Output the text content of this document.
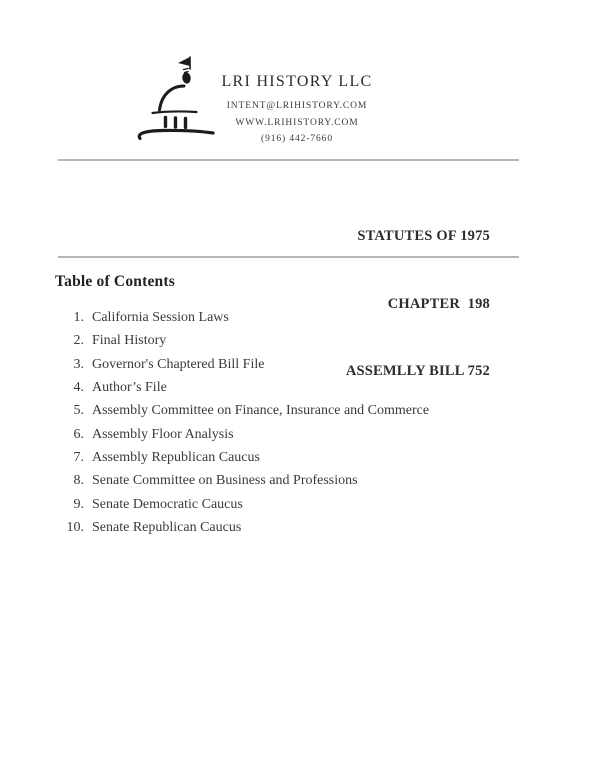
LRI HISTORY LLC
INTENT@LRIHISTORY.COM
WWW.LRIHISTORY.COM
(916) 442-7660

STATUTES OF 1975

CHAPTER  198

ASSEMLLY BILL 752

Table of Contents
1. California Session Laws
2. Final History
3. Governor's Chaptered Bill File
4. Author’s File
5. Assembly Committee on Finance, Insurance and Commerce
6. Assembly Floor Analysis
7. Assembly Republican Caucus
8. Senate Committee on Business and Professions
9. Senate Democratic Caucus
10. Senate Republican Caucus
